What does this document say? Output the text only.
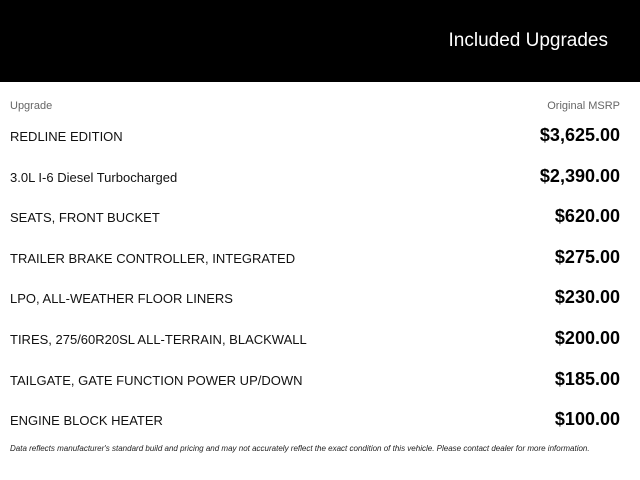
Included Upgrades
Upgrade	Original MSRP
REDLINE EDITION	$3,625.00
3.0L I-6 Diesel Turbocharged	$2,390.00
SEATS, FRONT BUCKET	$620.00
TRAILER BRAKE CONTROLLER, INTEGRATED	$275.00
LPO, ALL-WEATHER FLOOR LINERS	$230.00
TIRES, 275/60R20SL ALL-TERRAIN, BLACKWALL	$200.00
TAILGATE, GATE FUNCTION POWER UP/DOWN	$185.00
ENGINE BLOCK HEATER	$100.00
Data reflects manufacturer's standard build and pricing and may not accurately reflect the exact condition of this vehicle. Please contact dealer for more information.
